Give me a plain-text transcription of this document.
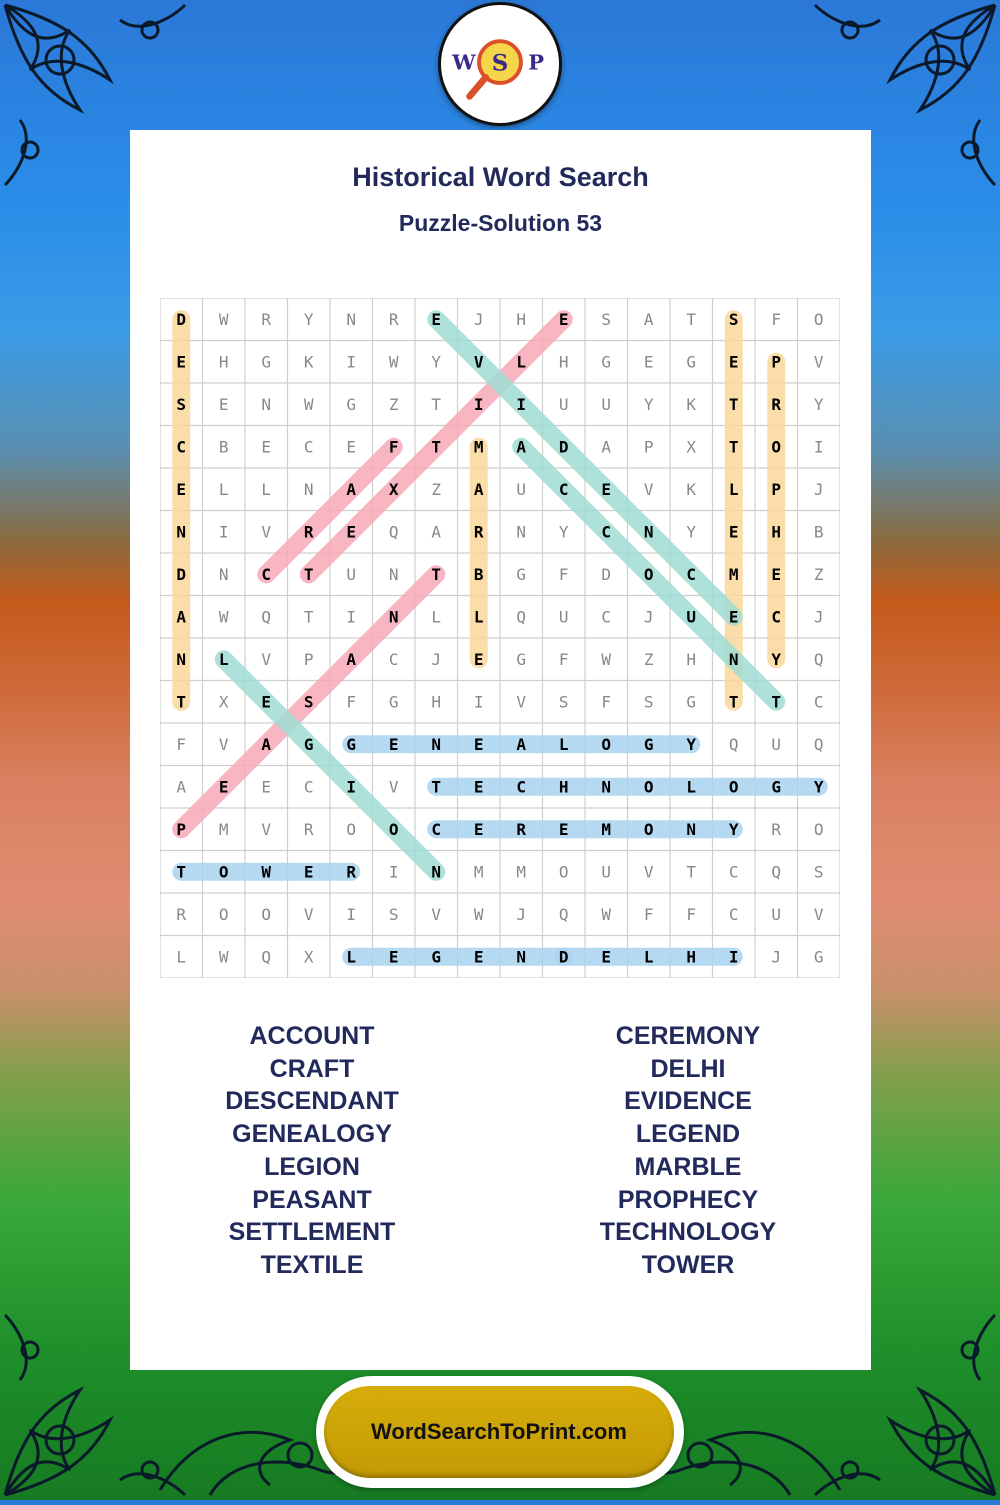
W S P
Historical Word Search
Puzzle-Solution 53
D W R Y N R E J H E S A T S F O
E H G K I W Y V L H G E G E P V
S E N W G Z T I I U U Y K T R Y
C B E C E F T M A D A P X T O I
E L L N A X Z A U C E V K L P J
N I V R E Q A R N Y C N Y E H B
D N C T U N T B G F D O C M E Z
A W Q T I N L L Q U C J U E C J
N L V P A C J E G F W Z H N Y Q
T X E S F G H I V S F S G T T C
F V A G G E N E A L O G Y Q U Q
A E E C I V T E C H N O L O G Y
P M V R O O C E R E M O N Y R O
T O W E R I N M M O U V T C Q S
R O O V I S V W J Q W F F C U V
L W Q X L E G E N D E L H I J G
ACCOUNT
CRAFT
DESCENDANT
GENEALOGY
LEGION
PEASANT
SETTLEMENT
TEXTILE
CEREMONY
DELHI
EVIDENCE
LEGEND
MARBLE
PROPHECY
TECHNOLOGY
TOWER
WordSearchToPrint.com
